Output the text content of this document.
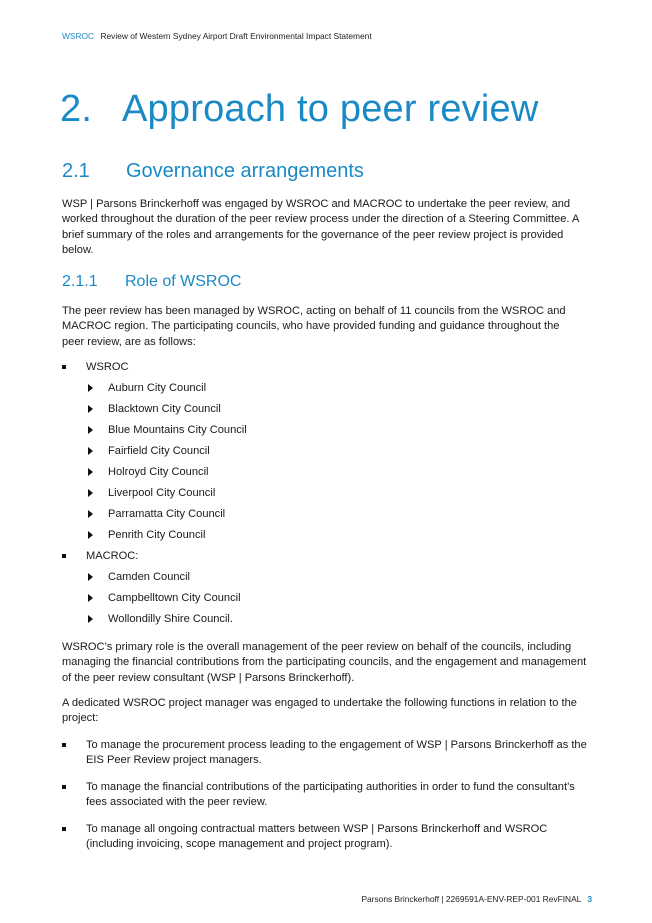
WSROC Review of Western Sydney Airport Draft Environmental Impact Statement
2. Approach to peer review
2.1 Governance arrangements

WSP | Parsons Brinckerhoff was engaged by WSROC and MACROC to undertake the peer review, and worked throughout the duration of the peer review process under the direction of a Steering Committee. A brief summary of the roles and arrangements for the governance of the peer review project is provided below.

2.1.1 Role of WSROC

The peer review has been managed by WSROC, acting on behalf of 11 councils from the WSROC and MACROC region. The participating councils, who have provided funding and guidance throughout the peer review, are as follows:

WSROC
Auburn City Council
Blacktown City Council
Blue Mountains City Council
Fairfield City Council
Holroyd City Council
Liverpool City Council
Parramatta City Council
Penrith City Council
MACROC:
Camden Council
Campbelltown City Council
Wollondilly Shire Council.

WSROC’s primary role is the overall management of the peer review on behalf of the councils, including managing the financial contributions from the participating councils, and the engagement and management of the peer review consultant (WSP | Parsons Brinckerhoff).

A dedicated WSROC project manager was engaged to undertake the following functions in relation to the project:

To manage the procurement process leading to the engagement of WSP | Parsons Brinckerhoff as the EIS Peer Review project managers.
To manage the financial contributions of the participating authorities in order to fund the consultant’s fees associated with the peer review.
To manage all ongoing contractual matters between WSP | Parsons Brinckerhoff and WSROC (including invoicing, scope management and project program).
Parsons Brinckerhoff | 2269591A-ENV-REP-001 RevFINAL 3
